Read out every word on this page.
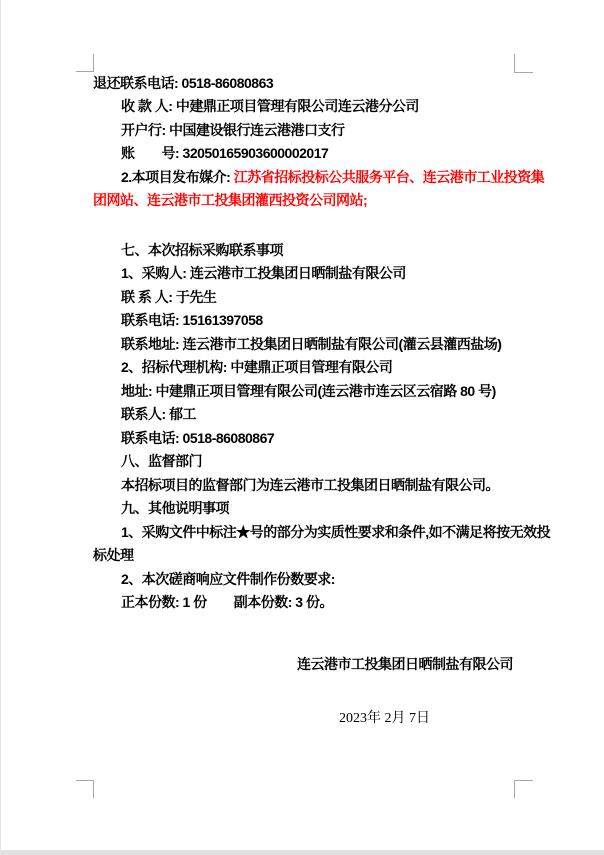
退还联系电话: 0518-86080863
收 款 人: 中建鼎正项目管理有限公司连云港分公司
开户行: 中国建设银行连云港港口支行
账　　号: 32050165903600002017
2.本项目发布媒介: 江苏省招标投标公共服务平台、连云港市工业投资集
团网站、连云港市工投集团灌西投资公司网站;
七、本次招标采购联系事项
1、采购人: 连云港市工投集团日晒制盐有限公司
联 系 人: 于先生
联系电话: 15161397058
联系地址: 连云港市工投集团日晒制盐有限公司(灌云县灌西盐场)
2、招标代理机构: 中建鼎正项目管理有限公司
地址: 中建鼎正项目管理有限公司(连云港市连云区云宿路 80 号)
联系人: 郁工
联系电话: 0518-86080867
八、监督部门
本招标项目的监督部门为连云港市工投集团日晒制盐有限公司。
九、其他说明事项
1、采购文件中标注★号的部分为实质性要求和条件,如不满足将按无效投
标处理
2、本次磋商响应文件制作份数要求:
正本份数: 1 份　　副本份数: 3 份。
连云港市工投集团日晒制盐有限公司
2023年 2月 7日
